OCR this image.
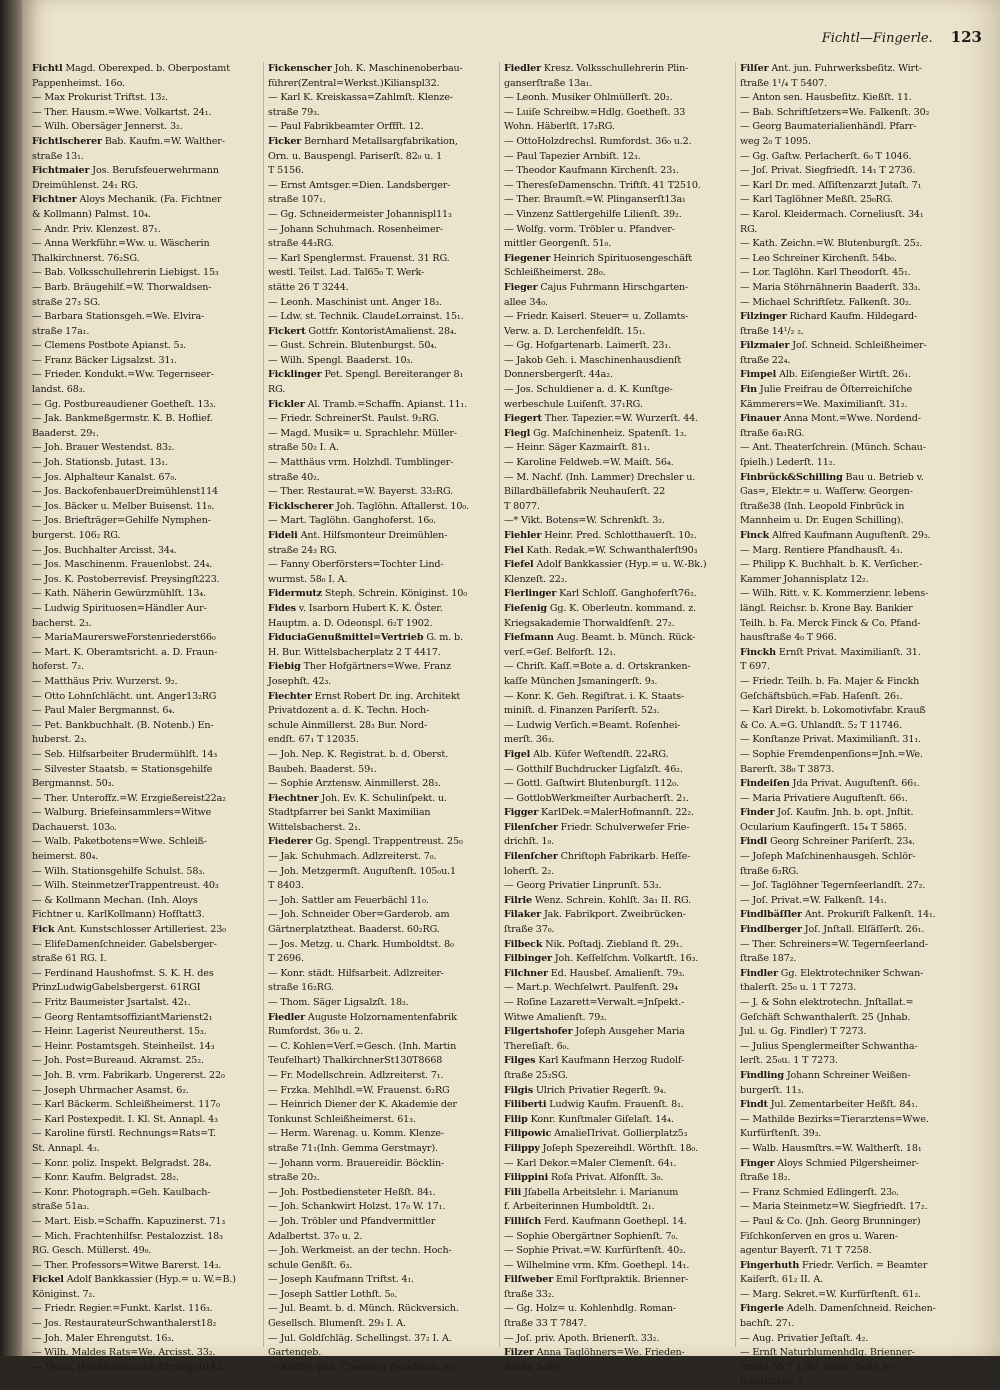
Fichtl—Fingerle. 123
Fichtl Magd. Oberexped. b. Oberpostamt
Pappenheimst. 16o.
— Max Prokurist Triftst. 13₂.
— Ther. Hausm.=Wwe. Volkartst. 24₁.
— Wilh. Obersäger Jennerst. 3₂.
Fichtlscherer Bab. Kaufm.=W. Walther-
straße 13₁.
Fichtmaier Jos. Berufsfeuerwehrmann
Dreimühlenst. 24₁ RG.
Fichtner Aloys Mechanik. (Fa. Fichtner
& Kollmann) Palmst. 10₄.
— Andr. Priv. Klenzest. 87₁.
— Anna Werkführ.=Ww. u. Wäscherin
Thalkirchnerst. 76₂SG.
— Bab. Volksschullehrerin Liebigst. 15₃
— Barb. Bräugehilf.=W. Thorwaldsen-
straße 27₃ SG.
— Barbara Stationsgeh.=We. Elvira-
straße 17a₁.
— Clemens Postbote Apianst. 5₃.
— Franz Bäcker Ligsalzst. 31₁.
— Frieder. Kondukt.=Ww. Tegernseer-
landst. 68₃.
— Gg. Postbureaudiener Goetheſt. 13₃.
— Jak. Bankmeßgermstr. K. B. Hoflief.
Baaderst. 29₁.
— Joh. Brauer Westendst. 83₂.
— Joh. Stationsb. Jutast. 13₁.
— Jos. Alphalteur Kanalst. 67₀.
— Jos. BackofenbauerDreimühlenst114
— Jos. Bäcker u. Melber Buisenst. 11₀.
— Jos. Briefträger=Gehilfe Nymphen-
burgerst. 106₂ RG.
— Jos. Buchhalter Arcisst. 34₄.
— Jos. Maschinenm. Frauenlobst. 24₄.
— Jos. K. Postoberrevisf. Preysingſt223.
— Kath. Näherin Gewürzmühlſt. 13₄.
— Ludwig Spirituosen=Händler Aur-
bacherst. 2₃.
— MariaMaurersweForstenriederst66₀
— Mart. K. Oberamtsricht. a. D. Fraun-
hoferst. 7₂.
— Matthäus Priv. Wurzerst. 9₂.
— Otto Lohnſchlächt. unt. Anger13₂RG
— Paul Maler Bergmannst. 6₄.
— Pet. Bankbuchhalt. (B. Notenb.) En-
huberst. 2₃.
— Seb. Hilfsarbeiter Brudermühlſt. 14₃
— Silvester Staatsb. = Stationsgehilfe
Bergmannst. 50₃.
— Ther. Unteroffz.=W. Erzgießereist22a₂
— Walburg. Briefeinsammlers=Witwe
Dachauerst. 103₀.
— Walb. Paketbotens=Wwe. Schleiß-
heimerst. 80₄.
— Wilh. Stationsgehilfe Schulst. 58₃.
— Wilh. SteinmetzerTrappentreust. 40₃
— & Kollmann Mechan. (Inh. Aloys
Fichtner u. KarlKollmann) Hofſtatt3.
Fick Ant. Kunstschlosser Artilleriest. 23₀
— ElifeDamenſchneider. Gabelsberger-
straße 61 RG. I.
— Ferdinand Haushofmst. S. K. H. des
PrinzLudwigGabelsbergerst. 61RGI
— Fritz Baumeister Jsartalst. 42₁.
— Georg RentamtsoffiziantMarienst2₁
— Heinr. Lagerist Neureutherst. 15₃.
— Heinr. Postamtsgeh. Steinheilst. 14₃
— Joh. Post=Bureaud. Akramst. 25₂.
— Joh. B. vrm. Fabrikarb. Ungererst. 22₀
— Joseph Uhrmacher Asamst. 6₂.
— Karl Bäckerm. Schleißheimerst. 117₀
— Karl Postexpedit. I. Kl. St. Annapl. 4₃
— Karoline fürstl. Rechnungs=Rats=T.
St. Annapl. 4₃.
— Konr. poliz. Inspekt. Belgradst. 28₄.
— Konr. Kaufm. Belgradst. 28₂.
— Konr. Photograph.=Geh. Kaulbach-
straße 51a₃.
— Mart. Eisb.=Schaffn. Kapuzinerst. 71₃
— Mich. Frachtenhilfsr. Pestalozzist. 18₃
RG. Gesch. Müllerst. 49₀.
— Ther. Professors=Witwe Barerst. 14₃.
Fickel Adolf Bankkassier (Hyp.= u. W.=B.)
Königinst. 7₂.
— Friedr. Regier.=Funkt. Karlst. 116₃.
— Jos. RestaurateurSchwanthalerst18₂
— Joh. Maler Ehrengutst. 16₃.
— Wilh. Maldes Rats=We. Arcisst. 33₂.
— Thom. Handſchuhmach Ehrengutſt42₂
Fickenscher Joh. K. Maschinenoberbau-
führer(Zentral=Werkst.)Kilianspl32.
— Karl K. Kreiskassa=Zahlmſt. Klenze-
straße 79₃.
— Paul Fabrikbeamter Orffſt. 12.
Ficker Bernhard Metallsargfabrikation,
Orn. u. Bauspengl. Pariserſt. 82₀ u. 1
T 5156.
— Ernst Amtsger.=Dien. Landsberger-
straße 107₁.
— Gg. Schneidermeister Johannispl11₃
— Johann Schuhmach. Rosenheimer-
straße 44₃RG.
— Karl Spenglermst. Frauenst. 31 RG.
westl. Teilst. Lad. Tal65₀ T. Werk-
stätte 26 T 3244.
— Leonh. Maschinist unt. Anger 18₃.
— Ldw. st. Technik. ClaudeLorrainst. 15₁.
Fickert Gottfr. KontoristAmalienst. 28₄.
— Gust. Schrein. Blutenburgst. 50₄.
— Wilh. Spengl. Baaderst. 10₃.
Ficklinger Pet. Spengl. Bereiteranger 8₁
RG.
Fickler Al. Tramb.=Schaffn. Apianst. 11₁.
— Friedr. SchreinerSt. Paulst. 9₂RG.
— Magd. Musik= u. Sprachlehr. Müller-
straße 50₂ I. A.
— Matthäus vrm. Holzhdl. Tumblinger-
straße 40₂.
— Ther. Restaurat.=W. Bayerst. 33₂RG.
Ficklscherer Joh. Taglöhn. Aſtallerst. 10₀.
— Mart. Taglöhn. Ganghoferst. 16₀.
Fideli Ant. Hilfsmonteur Dreimühlen-
straße 24₃ RG.
— Fanny Oberförsters=Tochter Lind-
wurmst. 58₀ I. A.
Fidermutz Steph. Schrein. Königinst. 10₀
Fides v. Isarborn Hubert K. K. Öster.
Hauptm. a. D. Odeonspl. 6₂T 1902.
FiduciaGenußmittel=Vertrieb G. m. b.
H. Bur. Wittelsbacherplatz 2 T 4417.
Fiebig Ther Hofgärtners=Wwe. Franz
Josephſt. 42₃.
Fiechter Ernst Robert Dr. ing. Architekt
Privatdozent a. d. K. Techn. Hoch-
schule Ainmillerst. 28₃ Bur. Nord-
endſt. 67₁ T 12035.
— Joh. Nep. K. Registrat. b. d. Oberst.
Baubeh. Baaderst. 59₁.
— Sophie Arztensw. Ainmillerst. 28₃.
Fiechtner Joh. Ev. K. Schulinſpekt. u.
Stadtpfarrer bei Sankt Maximilian
Wittelsbacherst. 2₁.
Fiederer Gg. Spengl. Trappentreust. 25₀
— Jak. Schuhmach. Adlzreiterst. 7₀.
— Joh. Metzgermſt. Auguſtenſt. 105₀u.1
T 8403.
— Joh. Sattler am Feuerbächl 11₀.
— Joh. Schneider Ober=Garderob. am
Gärtnerplatztheat. Baaderst. 60₂RG.
— Jos. Metzg. u. Chark. Humboldtst. 8₀
T 2696.
— Konr. städt. Hilfsarbeit. Adlzreiter-
straße 16₂RG.
— Thom. Säger Ligsalzſt. 18₂.
Fiedler Auguste Holzornamentenfabrik
Rumfordst. 36₀ u. 2.
— C. Kohlen=Verſ.=Gesch. (Inh. Martin
Teufelhart) ThalkirchnerSt130T8668
— Fr. Modellschrein. Adlzreiterst. 7₁.
— Frzka. Mehlhdl.=W. Frauenst. 6₂RG
— Heinrich Diener der K. Akademie der
Tonkunst Schleißheimerst. 61₃.
— Herm. Warenag. u. Komm. Klenze-
straße 71₁(Inh. Gemma Gerstmayr).
— Johann vorm. Brauereidir. Böcklin-
straße 20₂.
— Joh. Postbediensteter Heßſt. 84₁.
— Joh. Schankwirt Holzst. 17₀ W. 17₁.
— Joh. Tröbler und Pfandvermittler
Adalbertst. 37₀ u. 2.
— Joh. Werkmeist. an der techn. Hoch-
schule Genßſt. 6₃.
— Joseph Kaufmann Triftst. 4₁.
— Joseph Sattler Lothſt. 5₀.
— Jul. Beamt. b. d. Münch. Rückversich.
Gesellsch. Blumenſt. 29₃ I. A.
— Jul. Goldſchläg. Schellingst. 37₂ I. A.
Gartengeb.
— KarlDr. phil. Chemiker Paradiesſt. 8₂
Fiedler Kresz. Volksschullehrerin Plin-
ganserſtraße 13a₁.
— Leonh. Musiker Ohlmüllerſt. 20₂.
— Luiſe Schreibw.=Hdlg. Goetheſt. 33
Wohn. Häberlſt. 17₃RG.
— OttoHolzdrechsl. Rumfordst. 36₀ u.2.
— Paul Tapezier Arnbiſt. 12₃.
— Theodor Kaufmann Kirchenſt. 23₁.
— TheresſeDamenschn. Triftſt. 41 T2510.
— Ther. Braumſt.=W. Plinganserſt13a₁
— Vinzenz Sattlergehilfe Lilienſt. 39₂.
— Wolfg. vorm. Tröbler u. Pfandver-
mittler Georgenſt. 51₀.
Fiegener Heinrich Spirituosengeschäft
Schleißheimerst. 28₀.
Fieger Cajus Fuhrmann Hirschgarten-
allee 34₀.
— Friedr. Kaiserl. Steuer= u. Zollamts-
Verw. a. D. Lerchenfeldſt. 15₁.
— Gg. Hofgartenarb. Laimerſt. 23₁.
— Jakob Geh. i. Maschinenhausdienſt
Donnersbergerſt. 44a₂.
— Jos. Schuldiener a. d. K. Kunſtge-
werbeschule Luiſenſt. 37₁RG.
Fiegert Ther. Tapezier.=W. Wurzerſt. 44.
Fiegl Gg. Maſchinenheiz. Spatenſt. 1₃.
— Heinr. Säger Kazmairſt. 81₁.
— Karoline Feldweb.=W. Maiſt. 56₄.
— M. Nachf. (Inh. Lammer) Drechsler u.
Billardbällefabrik Neuhauſerſt. 22
T 8077.
—* Vikt. Botens=W. Schrenkſt. 3₂.
Fiehler Heinr. Pred. Schlotthauerſt. 10₂.
Fiel Kath. Redak.=W. Schwanthalerſt90₃
Fiefel Adolf Bankkassier (Hyp.= u. W.-Bk.)
Klenzeſt. 22₂.
Fierlinger Karl Schloſſ. Ganghoferſt76₂.
Fieſenig Gg. K. Oberleutn. kommand. z.
Kriegsakademie Thorwaldſenſt. 27₂.
Fieſmann Aug. Beamt. b. Münch. Rück-
verſ.=Geſ. Belforſt. 12₁.
— Chriſt. Kaſſ.=Bote a. d. Ortskranken-
kaſſe München Jsmaningerſt. 9₃.
— Konr. K. Geh. Regiſtrat. i. K. Staats-
miniſt. d. Finanzen Pariſerſt. 52₃.
— Ludwig Verſich.=Beamt. Roſenhei-
merſt. 36₃.
Figel Alb. Küfer Weſtendſt. 22₄RG.
— Gotthilf Buchdrucker Ligſalzſt. 46₂.
— Gottl. Gaſtwirt Blutenburgſt. 112₀.
— GottlobWerkmeiſter Aurbacherſt. 2₁.
Figger KarlDek.=MalerHofmannſt. 22₂.
Filenſcher Friedr. Schulverweſer Frie-
drichſt. 1₀.
Filenſcher Chriſtoph Fabrikarb. Heſſe-
loherſt. 2₂.
— Georg Privatier Linprunſt. 53₃.
Filrle Wenz. Schrein. Kohlſt. 3a₁ II. RG.
Filaker Jak. Fabrikport. Zweibrücken-
ſtraße 37₀.
Filbeck Nik. Poſtadj. Ziebland ſt. 29₁.
Filbinger Joh. Keſſelſchm. Volkartſt. 16₃.
Filchner Ed. Hausbeſ. Amalienſt. 79₃.
— Mart.p. Wechſelwrt. Paulfenſt. 29₄
— Roſine Lazarett=Verwalt.=Jnſpekt.-
Witwe Amalienſt. 79₃.
Filgertshofer Joſeph Ausgeher Maria
Thereſiaſt. 6₀.
Filges Karl Kaufmann Herzog Rudolf-
ſtraße 25₂SG.
Filgis Ulrich Privatier Regerſt. 9₄.
Filiberti Ludwig Kaufm. Frauenſt. 8₁.
Filip Konr. Kunſtmaler Giſelaſt. 14₄.
Filipowic AmalieПrivat. Gollierplatz5₃
Filippy Joſeph Spezereihdl. Wörthſt. 18₀.
— Karl Dekor.=Maler Clemenſt. 64₁.
Filippini Roſa Privat. Alfonſſt. 3₀.
Fili Jſabella Arbeitslehr. i. Marianum
f. Arbeiterinnen Humboldtſt. 2₁.
Filliſch Ferd. Kaufmann Goethepl. 14.
— Sophie Obergärtner Sophienſt. 7₀.
— Sophie Privat.=W. Kurfürſtenſt. 40₂.
— Wilhelmine vrm. Kfm. Goethepl. 14₁.
Filſweber Emil Forſtpraktik. Brienner-
ſtraße 33₂.
— Gg. Holz= u. Kohlenhdlg. Roman-
ſtraße 33 T 7847.
— Joſ. priv. Apoth. Brienerſt. 33₂.
Filzer Anna Taglöhners=We. Frieden-
ſtraße 3₀RG.
Filſer Ant. jun. Fuhrwerksbeſitz. Wirt-
ſtraße 1¹/₄ T 5407.
— Anton sen. Hausbeſitz. Kießſt. 11.
— Bab. Schriftſetzers=We. Falkenſt. 30₂
— Georg Baumaterialienhändl. Pfarr-
weg 2₀ T 1095.
— Gg. Gaſtw. Perlacherſt. 6₀ T 1046.
— Joſ. Privat. Siegfriedſt. 14₁ T 2736.
— Karl Dr. med. Aſſiſtenzarzt Jutaſt. 7₁
— Karl Taglöhner Meßſt. 25₀RG.
— Karol. Kleidermach. Corneliusſt. 34₁
RG.
— Kath. Zeichn.=W. Blutenburgſt. 25₂.
— Leo Schreiner Kirchenſt. 54b₀.
— Lor. Taglöhn. Karl Theodorſt. 45₁.
— Maria Stöhrnähnerin Baaderſt. 33₃.
— Michael Schriftſetz. Falkenſt. 30₂.
Filzinger Richard Kaufm. Hildegard-
ſtraße 14¹/₂ ₂.
Filzmaier Joſ. Schneid. Schleißheimer-
ſtraße 22₄.
Fimpel Alb. Eiſengießer Wirtſt. 26₁.
Fin Julie Freifrau de Öſterreichiſche
Kämmerers=We. Maximilianſt. 31₂.
Finauer Anna Mont.=Wwe. Nordend-
ſtraße 6a₁RG.
— Ant. Theaterſchrein. (Münch. Schau-
ſpielh.) Lederſt. 11₂.
Finbrück&Schilling Bau u. Betrieb v.
Gas=, Elektr.= u. Waſſerw. Georgen-
ſtraße38 (Inh. Leopold Finbrück in
Mannheim u. Dr. Eugen Schilling).
Finck Alfred Kaufmann Auguſtenſt. 29₃.
— Marg. Rentiere Pfandhausſt. 4₃.
— Philipp K. Buchhalt. b. K. Verſicher.-
Kammer Johannisplatz 12₂.
— Wilh. Ritt. v. K. Kommerzienr. lebens-
längl. Reichsr. b. Krone Bay. Bankier
Teilh. b. Fa. Merck Finck & Co. Pfand-
hausſtraße 4₀ T 966.
Finckh Ernſt Privat. Maximilianſt. 31.
T 697.
— Friedr. Teilh. b. Fa. Majer & Finckh
Geſchäftsbüch.=Fab. Haſenſt. 26₁.
— Karl Direkt. b. Lokomotivfabr. Krauß
& Co. A.=G. Uhlandſt. 5₂ T 11746.
— Konſtanze Privat. Maximilianſt. 31₁.
— Sophie Fremdenpenſions=Jnh.=We.
Barerſt. 38₀ T 3873.
Findeiſen Jda Privat. Auguſtenſt. 66₁.
— Maria Privatiere Auguſtenſt. 66₁.
Finder Joſ. Kaufm. Jnh. b. opt. Jnſtit.
Ocularium Kaufingerſt. 15₄ T 5865.
Findl Georg Schreiner Pariſerſt. 23₄.
— Joſeph Maſchinenhausgeh. Schlör-
ſtraße 6₃RG.
— Joſ. Taglöhner Tegernſeerlandſt. 27₂.
— Joſ. Privat.=W. Falkenſt. 14₁.
Findlbäſſler Ant. Prokuriſt Falkenſt. 14₁.
Findlberger Joſ. Jnſtall. Elſäſſerſt. 26₁.
— Ther. Schreiners=W. Tegernſeerland-
ſtraße 187₂.
Findler Gg. Elektrotechniker Schwan-
thalerſt. 25₀ u. 1 T 7273.
— J. & Sohn elektrotechn. Jnſtallat.=
Geſchäft Schwanthalerſt. 25 (Jnhab.
Jul. u. Gg. Findler) T 7273.
— Julius Spenglermeiſter Schwantha-
lerſt. 25₀u. 1 T 7273.
Findling Johann Schreiner Weißen-
burgerſt. 11₃.
Findt Jul. Zementarbeiter Heßſt. 84₁.
— Mathilde Bezirks=Tierarztens=Wwe.
Kurfürſtenſt. 39₃.
— Walb. Hausmſtrs.=W. Waltherſt. 18₁
Finger Aloys Schmied Pilgersheimer-
ſtraße 18₂.
— Franz Schmied Edlingerſt. 23₀.
— Maria Steinmetz=W. Siegfriedſt. 17₂.
— Paul & Co. (Jnh. Georg Brunninger)
Fiſchkonſerven en gros u. Waren-
agentur Bayerſt. 71 T 7258.
Fingerhuth Friedr. Verſich. = Beamter
Kaiſerſt. 61₂ II. A.
— Marg. Sekret.=W. Kurfürſtenſt. 61₂.
Fingerle Adelh. Damenſchneid. Reichen-
bachſt. 27₁.
— Aug. Privatier Jeſtaſt. 4₂.
— Ernſt Naturblumenhdlg. Brienner-
ſtraße 55 T 1303 Wohn. Solln Al-
ſcherſtraße 3.
